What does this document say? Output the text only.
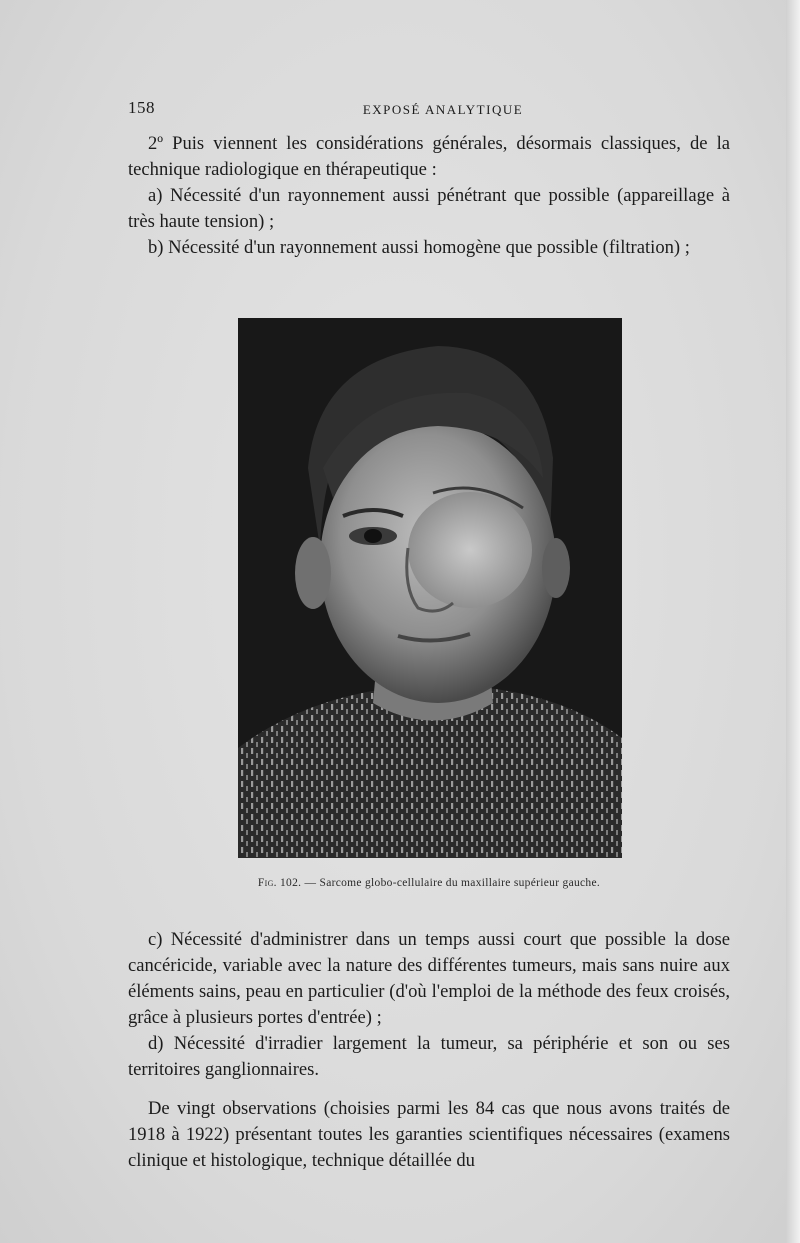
158	EXPOSÉ ANALYTIQUE

2º Puis viennent les considérations générales, désormais classiques, de la technique radiologique en thérapeutique :

a) Nécessité d'un rayonnement aussi pénétrant que possible (appareillage à très haute tension) ;

b) Nécessité d'un rayonnement aussi homogène que possible (filtration) ;

Fig. 102. — Sarcome globo-cellulaire du maxillaire supérieur gauche.

c) Nécessité d'administrer dans un temps aussi court que possible la dose cancéricide, variable avec la nature des différentes tumeurs, mais sans nuire aux éléments sains, peau en particulier (d'où l'emploi de la méthode des feux croisés, grâce à plusieurs portes d'entrée) ;

d) Nécessité d'irradier largement la tumeur, sa périphérie et son ou ses territoires ganglionnaires.

De vingt observations (choisies parmi les 84 cas que nous avons traités de 1918 à 1922) présentant toutes les garanties scientifiques nécessaires (examens clinique et histologique, technique détaillée du
